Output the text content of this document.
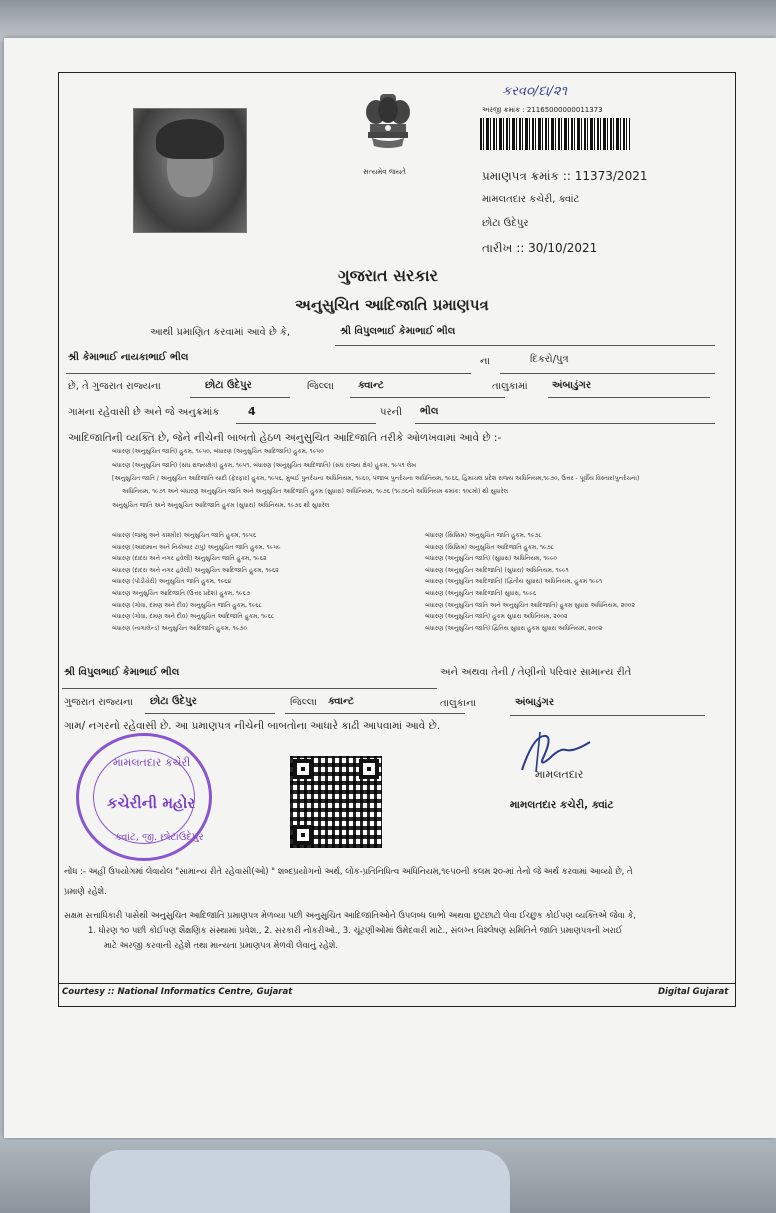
સત્યમેવ જયતે
કરવ૦/દા/૨૧
અરજી ક્રમાંક : 21165000000011373
પ્રમાણપત્ર ક્રમાંક :: 11373/2021
મામલતદાર કચેરી, ક્વાંટ
છોટા ઉદેપુર
તારીખ :: 30/10/2021
ગુજરાત સરકાર
અનુસુચિત આદિજાતિ પ્રમાણપત્ર
આથી પ્રમાણિત કરવામાં આવે છે કે,	શ્રી વિપુલભાઈ કેમાભાઈ ભીલ
શ્રી કેમાભાઈ નાયકાભાઈ ભીલ	ના	દિકરો/પુત્ર
છે, તે ગુજરાત રાજ્યના	છોટા ઉદેપુર	જિલ્લા ક્વાન્ટ	તાલુકામાં અંબાડુંગર
ગામના રહેવાસી છે અને જે અનુક્રમાંક	4	પરની ભીલ
આદિજાતિની વ્યક્તિ છે, જેને નીચેની બાબતો હેઠળ અનુસુચિત આદિજાતિ તરીકે ઓળખવામાં આવે છે :-
બંધારણ (અનુસુચિત જાતિ) હુકમ, ૧૯૫૦, બંધારણ (અનુસુચિત આદિજાતિ) હુકમ, ૧૯૫૦
બંધારણ (અનુસુચિત જાતિ) (સંઘ રાજ્યક્ષેત્ર) હુકમ, ૧૯૫૧, બંધારણ (અનુસુચિત આદિજાતિ) (સંઘ રાજ્ય ક્ષેત્ર) હુકમ, ૧૯૫૧ લેખ
[અનુસુચિત જાતિ / અનુસુચિત આદિજાતિ યાદી (ફેરફાર) હુકમ, ૧૯૫૬, મુંબઈ પુનર્રચના અધિનિયમ, ૧૯૬૦, પંજાબ પુનર્રચના અધિનિયમ, ૧૯૬૬, હિમાચલ પ્રદેશ રાજ્ય અધિનિયમ,૧૯૭૦, ઉત્તર - પૂર્વીય વિસ્તાર(પુનર્રચના)
અધિનિયમ, ૧૯૭૧ અને બંધારણ અનુસુચિત જાતિ અને અનુસુચિત આદિજાતિ હુકમ (સુધારા) અધિનિયમ, ૧૯૭૬ (૧૯૭૬નો અધિનિયમ ક્રમાંક: ૧૦૮મો) થી સુધારેલ
અનુસુચિત જાતિ અને અનુસુચિત આદિજાતિ હુકમ (સુધારા) અધિનિયમ, ૧૯૭૬ થી સુધારેલ
બંધારણ (જમ્મુ અને કાશ્મીર) અનુસુચિત જાતિ હુકમ, ૧૯૫૬
બંધારણ (આંદામાન અને નિકોબાર ટાપુ) અનુસુચિત જાતિ હુકમ, ૧૯૫૯
બંધારણ (દાદરા અને નગર હવેલી) અનુસુચિત જાતિ હુકમ, ૧૯૬૨
બંધારણ (દાદરા અને નગર હવેલી) અનુસુચિત આદિજાતિ હુકમ, ૧૯૬૨
બંધારણ (પોંડીચેરી) અનુસુચિત જાતિ હુકમ, ૧૯૬૪
બંધારણ અનુસુચિત આદિજાતિ (ઉત્તર પ્રદેશ) હુકમ, ૧૯૬૭
બંધારણ (ગોવા, દમણ અને દીવ) અનુસુચિત જાતિ હુકમ, ૧૯૬૮
બંધારણ (ગોવા, દમણ અને દીવ) અનુસુચિત આદિજાતિ હુકમ, ૧૯૬૮
બંધારણ (નાગાલેન્ડ) અનુસુચિત આદિજાતિ હુકમ, ૧૯૭૦
બંધારણ (સિક્કિમ) અનુસુચિત જાતિ હુકમ, ૧૯૭૮
બંધારણ (સિક્કિમ) અનુસુચિત આદિજાતિ હુકમ, ૧૯૭૮
બંધારણ (અનુસુચિત જાતિ) (સુધારા) અધિનિયમ, ૧૯૯૦
બંધારણ (અનુસુચિત આદિજાતિ) (સુધારા) અધિનિયમ, ૧૯૯૧
બંધારણ (અનુસુચિત આદિજાતિ) (દ્વિતીય સુધારા) અધિનિયમ, હુકમ ૧૯૯૧
બંધારણ (અનુસુચિત આદિજાતિ) સુધારા, ૧૯૯૬
બંધારણ (અનુસુચિત જાતિ અને અનુસુચિત આદિજાતિ) હુકમ સુધારા અધિનિયમ, ૨૦૦૨
બંધારણ (અનુસુચિત જાતિ) હુકમ સુધારા અધિનિયમ, ૨૦૦૨
બંધારણ (અનુસુચિત જાતિ) દ્વિતિય સુધારા હુકમ સુધારા અધિનિયમ, ૨૦૦૨
શ્રી વિપુલભાઈ કેમાભાઈ ભીલ	અને અથવા તેની / તેણીનો પરિવાર સામાન્ય રીતે
ગુજરાત રાજ્યના છોટા ઉદેપુર	જિલ્લા ક્વાન્ટ	તાલુકાના	અંબાડુંગર
ગામ/ નગરનો રહેવાસી છે. આ પ્રમાણપત્ર નીચેની બાબતોના આધારે કાઢી આપવામાં આવે છે.
મામલતદાર કચેરી
કચેરીની મહોર
ક્વાંટ, જી. છોટાઉદેપુર
મામલતદાર
મામલતદાર કચેરી, ક્વાંટ
નોંધ :- અહીં ઉપયોગમાં લેવાયેલ "સામાન્ય રીતે રહેવાસી(ઓ) " શબ્દપ્રયોગનો અર્થ, લોક-પ્રતિનિધિત્વ અધિનિયમ,૧૯૫૦ની કલમ ૨૦-માં તેનો જે અર્થ કરવામાં આવ્યો છે, તે
પ્રમાણે રહેશે.
સક્ષમ સત્તાધિકારી પાસેથી અનુસુચિત આદિજાતિ પ્રમાણપત્ર મેળવ્યા પછી અનુસુચિત આદિજાતિઓને ઉપલબ્ધ લાભો અથવા છુટછાટો લેવા ઈચ્છુક કોઈપણ વ્યક્તિએ જેવા કે,
1. ધોરણ ૧૦ પછી કોઈપણ શૈક્ષણિક સંસ્થામાં પ્રવેશ., 2. સરકારી નોકરીઓ., 3. ચૂંટણીઓમાં ઉમેદવારી માટે., સંલગ્ન વિશ્લેષણ સમિતિને જાતિ પ્રમાણપત્રની ખરાઈ
માટે અરજી કરવાની રહેશે તથા માન્યતા પ્રમાણપત્ર મેળવી લેવાનું રહેશે.
Courtesy :: National Informatics Centre, Gujarat	Digital Gujarat
